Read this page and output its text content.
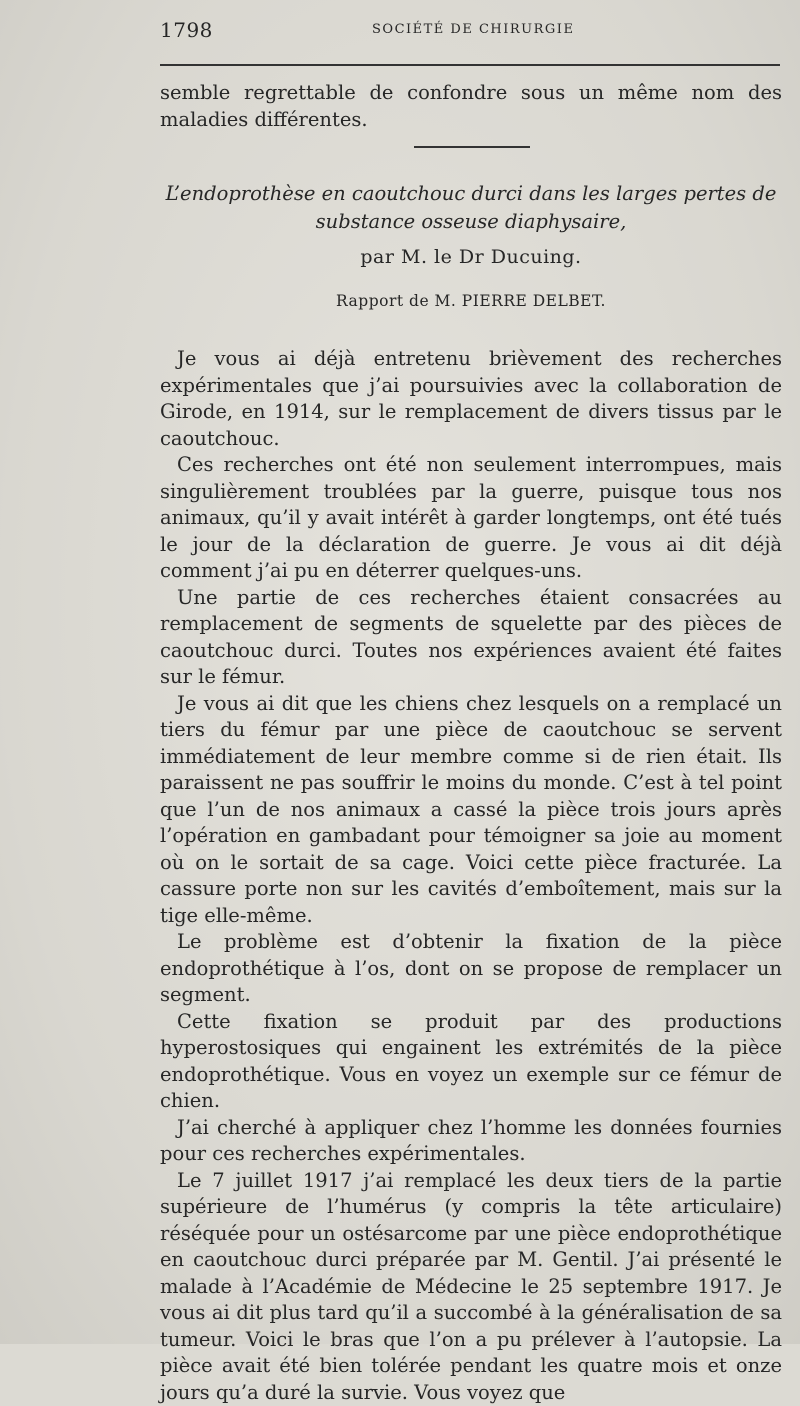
1798	SOCIÉTÉ DE CHIRURGIE
semble regrettable de confondre sous un même nom des maladies différentes.
L’endoprothèse en caoutchouc durci dans les larges pertes de substance osseuse diaphysaire,
par M. le Dr Ducuing.
Rapport de M. PIERRE DELBET.

Je vous ai déjà entretenu brièvement des recherches expérimentales que j’ai poursuivies avec la collaboration de Girode, en 1914, sur le remplacement de divers tissus par le caoutchouc.

Ces recherches ont été non seulement interrompues, mais singulièrement troublées par la guerre, puisque tous nos animaux, qu’il y avait intérêt à garder longtemps, ont été tués le jour de la déclaration de guerre. Je vous ai dit déjà comment j’ai pu en déterrer quelques-uns.

Une partie de ces recherches étaient consacrées au remplacement de segments de squelette par des pièces de caoutchouc durci. Toutes nos expériences avaient été faites sur le fémur.

Je vous ai dit que les chiens chez lesquels on a remplacé un tiers du fémur par une pièce de caoutchouc se servent immédiatement de leur membre comme si de rien était. Ils paraissent ne pas souffrir le moins du monde. C’est à tel point que l’un de nos animaux a cassé la pièce trois jours après l’opération en gambadant pour témoigner sa joie au moment où on le sortait de sa cage. Voici cette pièce fracturée. La cassure porte non sur les cavités d’emboîtement, mais sur la tige elle-même.

Le problème est d’obtenir la fixation de la pièce endoprothétique à l’os, dont on se propose de remplacer un segment.

Cette fixation se produit par des productions hyperostosiques qui engainent les extrémités de la pièce endoprothétique. Vous en voyez un exemple sur ce fémur de chien.

J’ai cherché à appliquer chez l’homme les données fournies pour ces recherches expérimentales.

Le 7 juillet 1917 j’ai remplacé les deux tiers de la partie supérieure de l’humérus (y compris la tête articulaire) réséquée pour un ostésarcome par une pièce endoprothétique en caoutchouc durci préparée par M. Gentil. J’ai présenté le malade à l’Académie de Médecine le 25 septembre 1917. Je vous ai dit plus tard qu’il a succombé à la généralisation de sa tumeur. Voici le bras que l’on a pu prélever à l’autopsie. La pièce avait été bien tolérée pendant les quatre mois et onze jours qu’a duré la survie. Vous voyez que
